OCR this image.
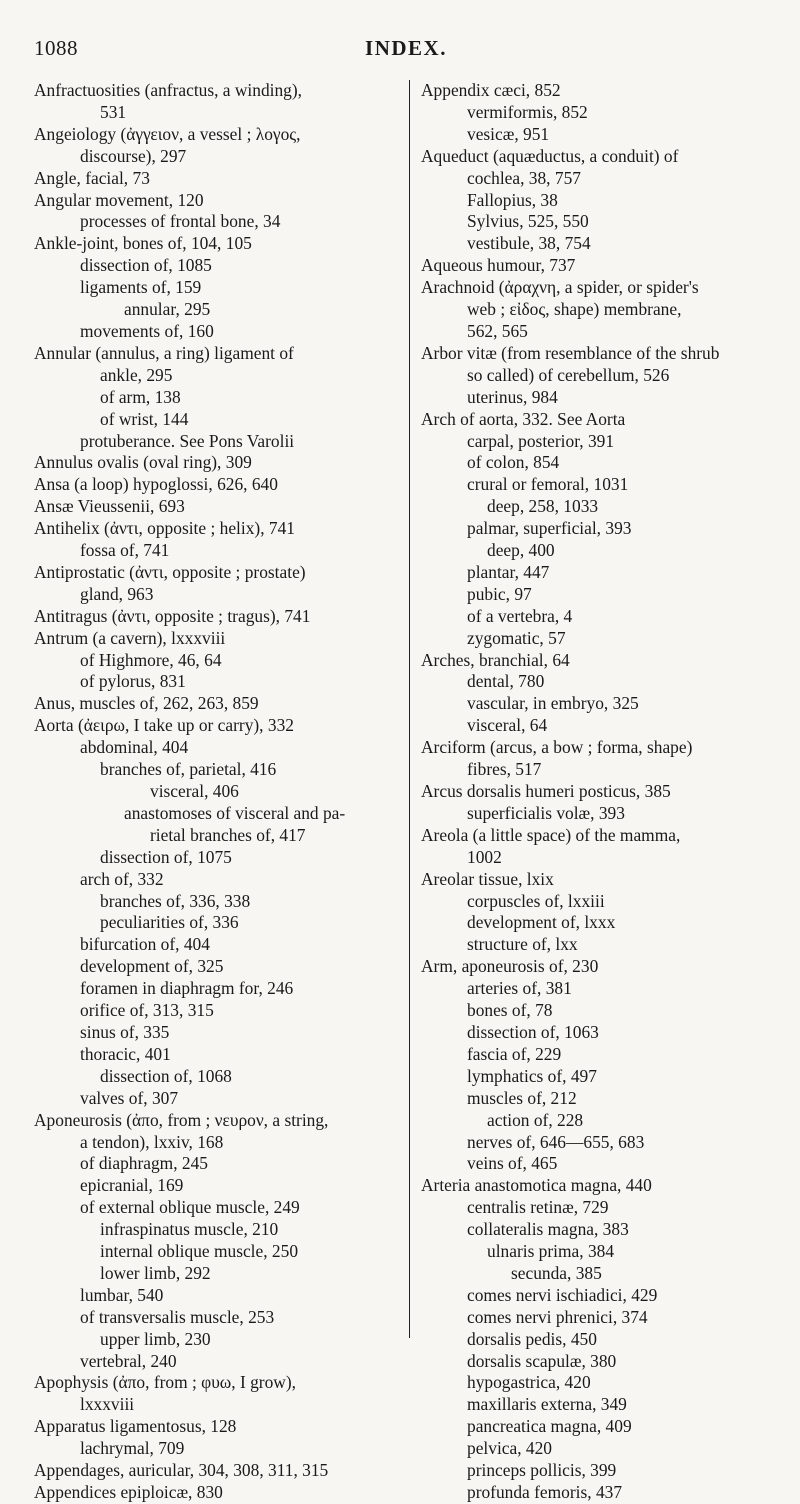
1088	INDEX.
Anfractuosities (anfractus, a winding),
531
Angeiology (ἀγγειον, a vessel ; λογος,
discourse), 297
Angle, facial, 73
Angular movement, 120
processes of frontal bone, 34
Ankle-joint, bones of, 104, 105
dissection of, 1085
ligaments of, 159
annular, 295
movements of, 160
Annular (annulus, a ring) ligament of
ankle, 295
of arm, 138
of wrist, 144
protuberance. See Pons Varolii
Annulus ovalis (oval ring), 309
Ansa (a loop) hypoglossi, 626, 640
Ansæ Vieussenii, 693
Antihelix (ἀντι, opposite ; helix), 741
fossa of, 741
Antiprostatic (ἀντι, opposite ; prostate)
gland, 963
Antitragus (ἀντι, opposite ; tragus), 741
Antrum (a cavern), lxxxviii
of Highmore, 46, 64
of pylorus, 831
Anus, muscles of, 262, 263, 859
Aorta (ἀειρω, I take up or carry), 332
abdominal, 404
branches of, parietal, 416
visceral, 406
anastomoses of visceral and pa-
rietal branches of, 417
dissection of, 1075
arch of, 332
branches of, 336, 338
peculiarities of, 336
bifurcation of, 404
development of, 325
foramen in diaphragm for, 246
orifice of, 313, 315
sinus of, 335
thoracic, 401
dissection of, 1068
valves of, 307
Aponeurosis (ἀπο, from ; νευρον, a string,
a tendon), lxxiv, 168
of diaphragm, 245
epicranial, 169
of external oblique muscle, 249
infraspinatus muscle, 210
internal oblique muscle, 250
lower limb, 292
lumbar, 540
of transversalis muscle, 253
upper limb, 230
vertebral, 240
Apophysis (ἀπο, from ; φυω, I grow),
lxxxviii
Apparatus ligamentosus, 128
lachrymal, 709
Appendages, auricular, 304, 308, 311, 315
Appendices epiploicæ, 830
Appendix cæci, 852
vermiformis, 852
vesicæ, 951
Aqueduct (aquæductus, a conduit) of
cochlea, 38, 757
Fallopius, 38
Sylvius, 525, 550
vestibule, 38, 754
Aqueous humour, 737
Arachnoid (ἀραχνη, a spider, or spider's
web ; εἰδος, shape) membrane,
562, 565
Arbor vitæ (from resemblance of the shrub
so called) of cerebellum, 526
uterinus, 984
Arch of aorta, 332. See Aorta
carpal, posterior, 391
of colon, 854
crural or femoral, 1031
deep, 258, 1033
palmar, superficial, 393
deep, 400
plantar, 447
pubic, 97
of a vertebra, 4
zygomatic, 57
Arches, branchial, 64
dental, 780
vascular, in embryo, 325
visceral, 64
Arciform (arcus, a bow ; forma, shape)
fibres, 517
Arcus dorsalis humeri posticus, 385
superficialis volæ, 393
Areola (a little space) of the mamma,
1002
Areolar tissue, lxix
corpuscles of, lxxiii
development of, lxxx
structure of, lxx
Arm, aponeurosis of, 230
arteries of, 381
bones of, 78
dissection of, 1063
fascia of, 229
lymphatics of, 497
muscles of, 212
action of, 228
nerves of, 646—655, 683
veins of, 465
Arteria anastomotica magna, 440
centralis retinæ, 729
collateralis magna, 383
ulnaris prima, 384
secunda, 385
comes nervi ischiadici, 429
comes nervi phrenici, 374
dorsalis pedis, 450
dorsalis scapulæ, 380
hypogastrica, 420
maxillaris externa, 349
pancreatica magna, 409
pelvica, 420
princeps pollicis, 399
profunda femoris, 437
